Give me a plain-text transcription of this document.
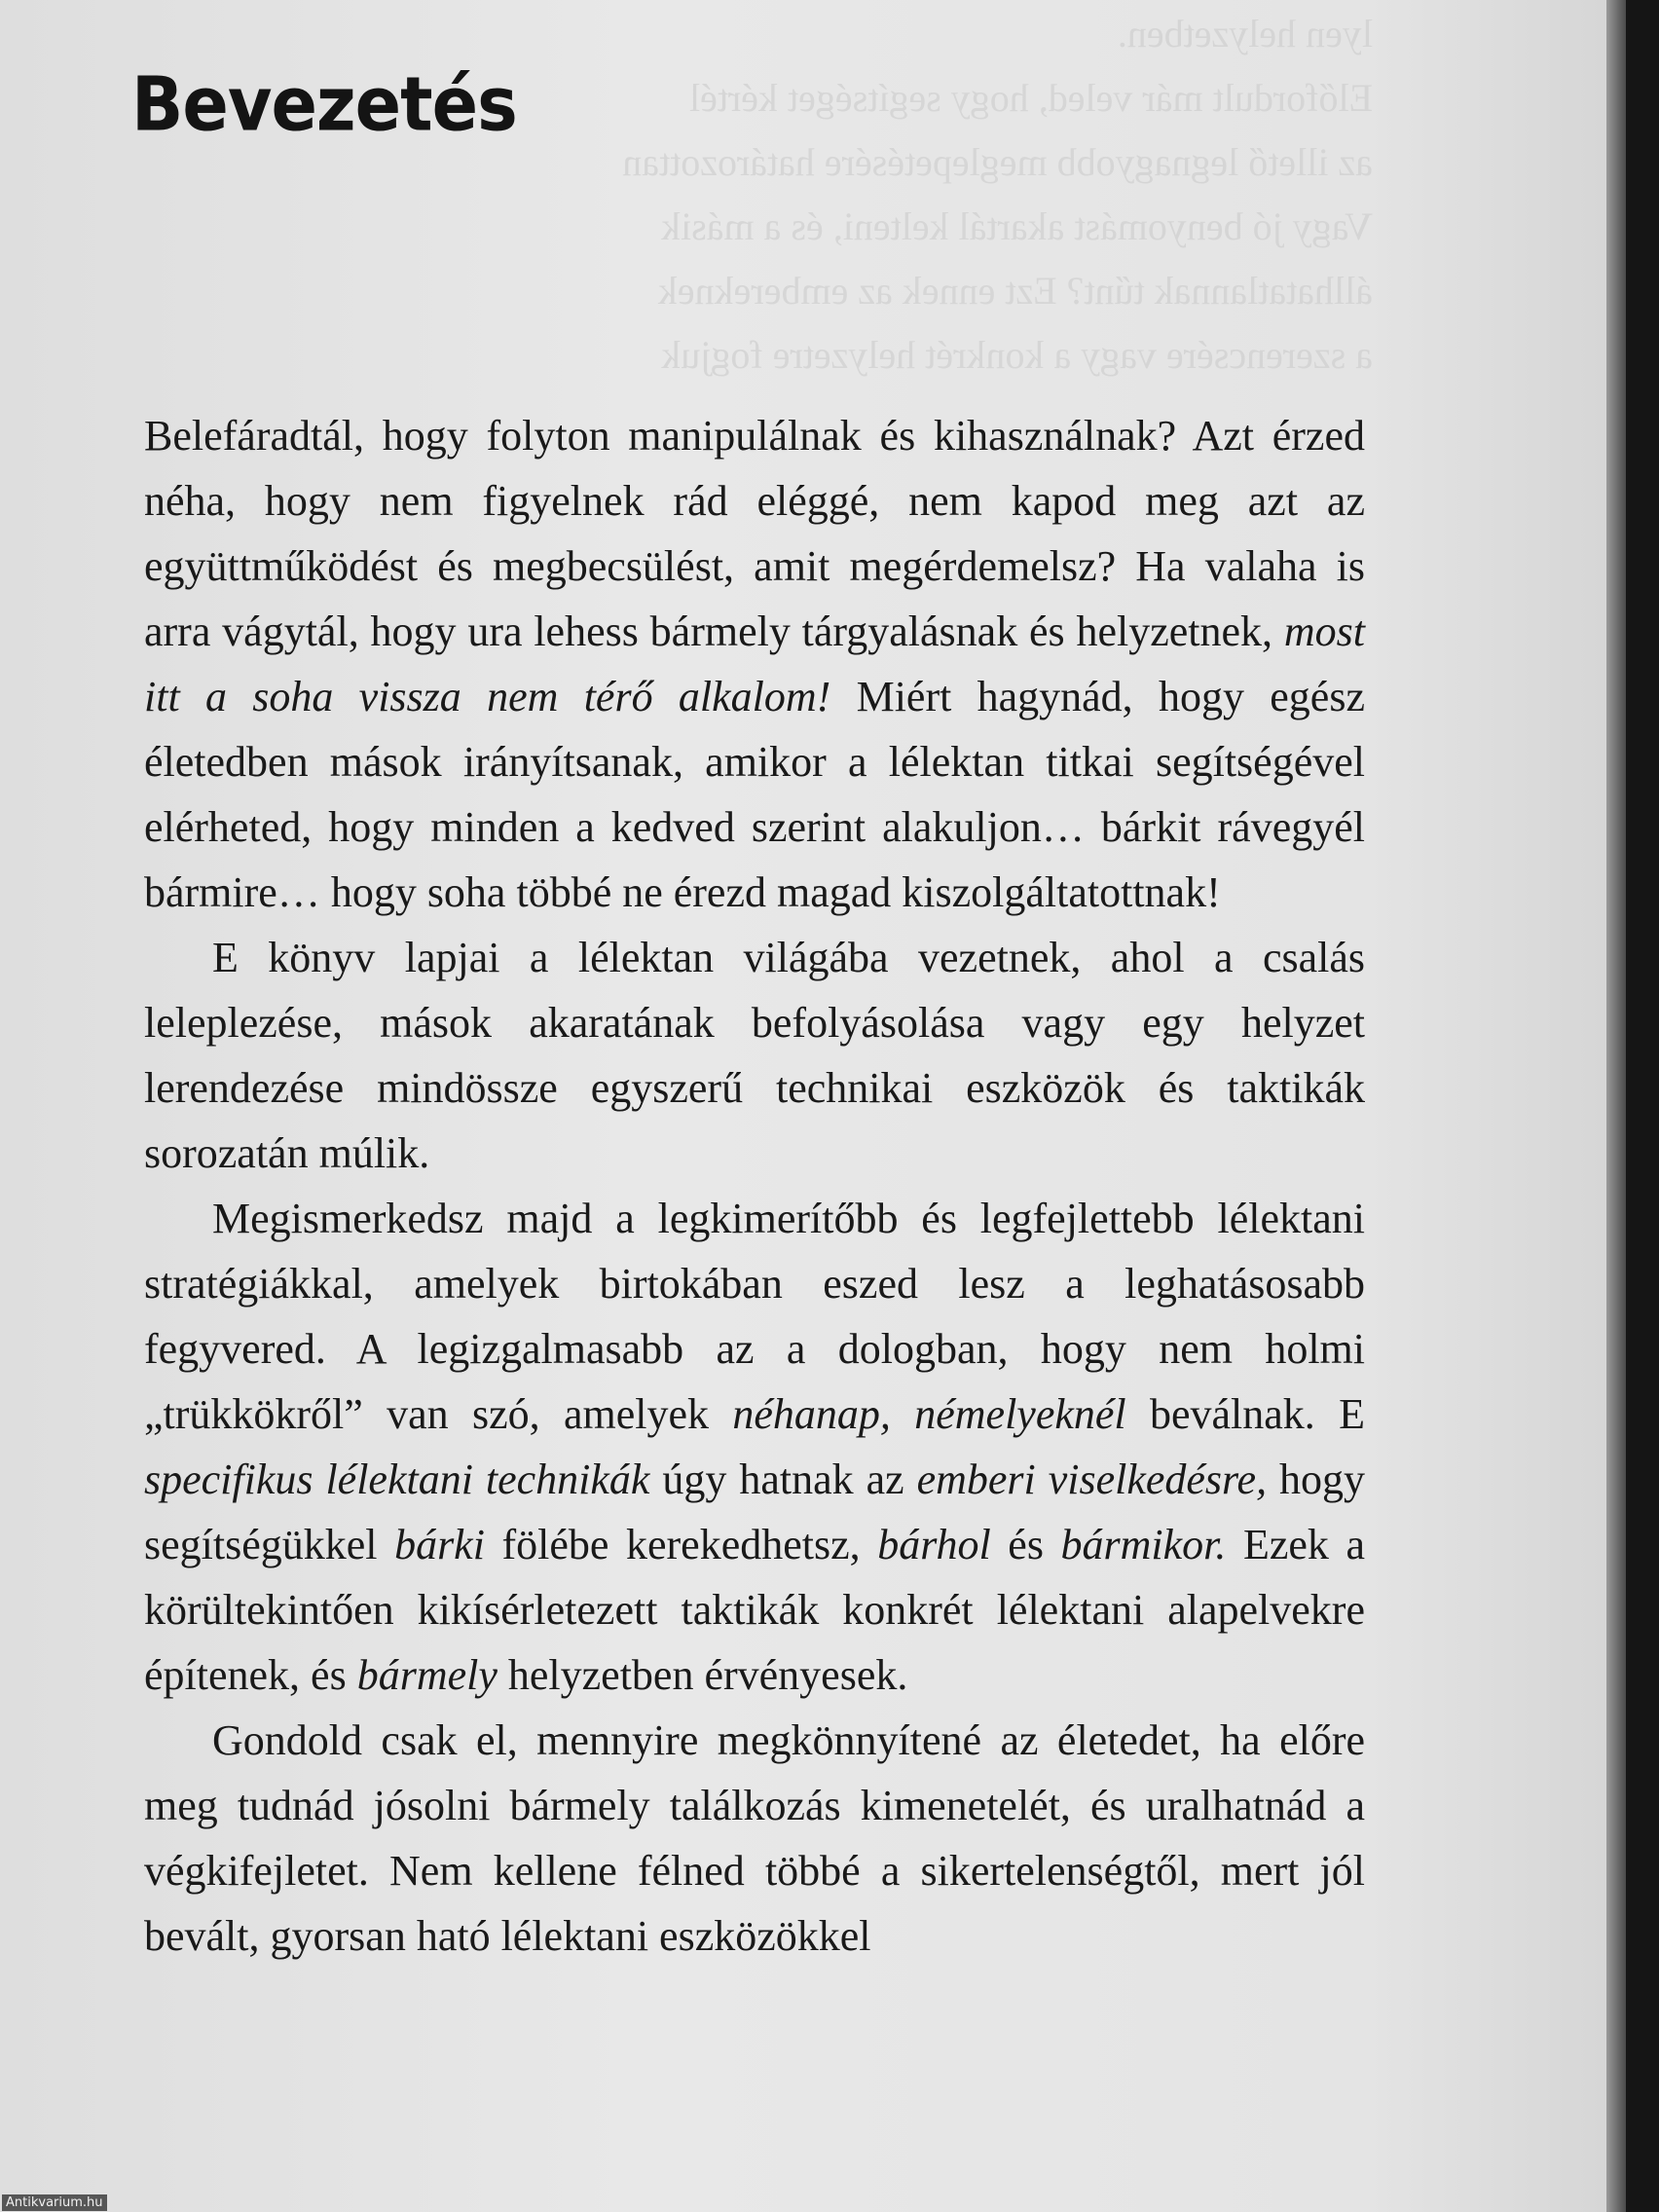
lyen helyzetben.
Előfordult már veled, hogy segítséget kértél
az illető legnagyobb meglepetésére határozottan
Vagy jó benyomást akartál kelteni, és a másik
állhatatlannak tűnt? Ezt ennek az embereknek
a szerencsére vagy a konkrét helyzetre fogjuk
Bevezetés

Belefáradtál, hogy folyton manipulálnak és kihasználnak? Azt érzed néha, hogy nem figyelnek rád eléggé, nem kapod meg azt az együttműködést és megbecsülést, amit megérdemelsz? Ha valaha is arra vágytál, hogy ura lehess bármely tárgyalásnak és helyzetnek, most itt a soha vissza nem térő alkalom! Miért hagynád, hogy egész életedben mások irányítsanak, amikor a lélektan titkai segítségével elérheted, hogy minden a kedved szerint alakuljon… bárkit rávegyél bármire… hogy soha többé ne érezd magad kiszolgáltatottnak!

E könyv lapjai a lélektan világába vezetnek, ahol a csalás leleplezése, mások akaratának befolyásolása vagy egy helyzet lerendezése mindössze egyszerű technikai eszközök és taktikák sorozatán múlik.

Megismerkedsz majd a legkimerítőbb és legfejlettebb lélektani stratégiákkal, amelyek birtokában eszed lesz a leghatásosabb fegyvered. A legizgalmasabb az a dologban, hogy nem holmi „trükkökről” van szó, amelyek néhanap, némelyeknél beválnak. E specifikus lélektani technikák úgy hatnak az emberi viselkedésre, hogy segítségükkel bárki fölébe kerekedhetsz, bárhol és bármikor. Ezek a körültekintően kikísérletezett taktikák konkrét lélektani alapelvekre építenek, és bármely helyzetben érvényesek.

Gondold csak el, mennyire megkönnyítené az életedet, ha előre meg tudnád jósolni bármely találkozás kimenetelét, és uralhatnád a végkifejletet. Nem kellene félned többé a sikertelenségtől, mert jól bevált, gyorsan ható lélektani eszközökkel

Antikvarium.hu
